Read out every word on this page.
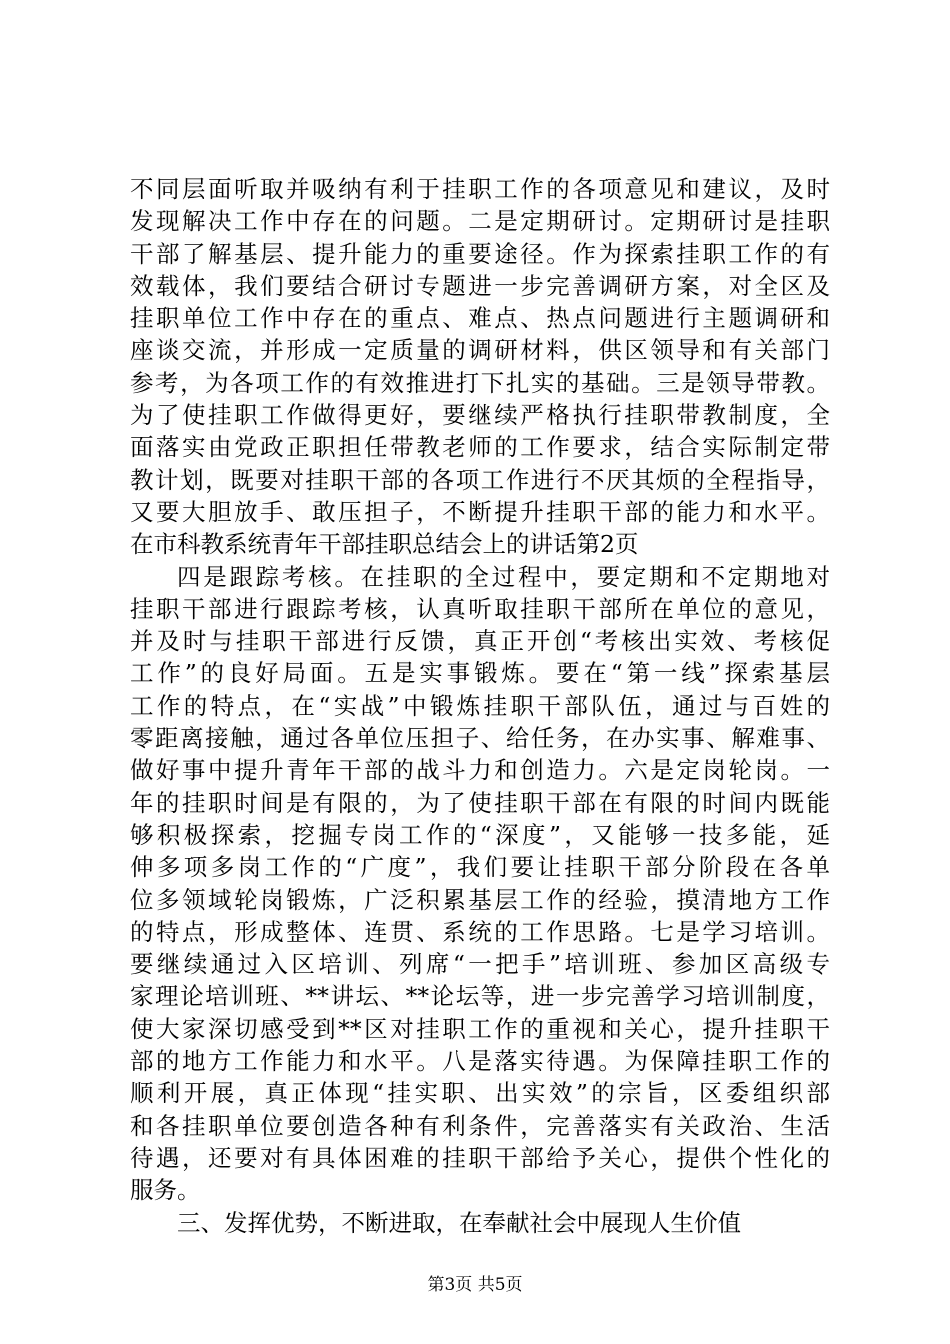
不同层面听取并吸纳有利于挂职工作的各项意见和建议，及时
发现解决工作中存在的问题。二是定期研讨。定期研讨是挂职
干部了解基层、提升能力的重要途径。作为探索挂职工作的有
效载体，我们要结合研讨专题进一步完善调研方案，对全区及
挂职单位工作中存在的重点、难点、热点问题进行主题调研和
座谈交流，并形成一定质量的调研材料，供区领导和有关部门
参考，为各项工作的有效推进打下扎实的基础。三是领导带教。
为了使挂职工作做得更好，要继续严格执行挂职带教制度，全
面落实由党政正职担任带教老师的工作要求，结合实际制定带
教计划，既要对挂职干部的各项工作进行不厌其烦的全程指导，
又要大胆放手、敢压担子，不断提升挂职干部的能力和水平。
在市科教系统青年干部挂职总结会上的讲话第2页
四是跟踪考核。在挂职的全过程中，要定期和不定期地对
挂职干部进行跟踪考核，认真听取挂职干部所在单位的意见，
并及时与挂职干部进行反馈，真正开创“考核出实效、考核促
工作”的良好局面。五是实事锻炼。要在“第一线”探索基层
工作的特点，在“实战”中锻炼挂职干部队伍，通过与百姓的
零距离接触，通过各单位压担子、给任务，在办实事、解难事、
做好事中提升青年干部的战斗力和创造力。六是定岗轮岗。一
年的挂职时间是有限的，为了使挂职干部在有限的时间内既能
够积极探索，挖掘专岗工作的“深度”，又能够一技多能，延
伸多项多岗工作的“广度”，我们要让挂职干部分阶段在各单
位多领域轮岗锻炼，广泛积累基层工作的经验，摸清地方工作
的特点，形成整体、连贯、系统的工作思路。七是学习培训。
要继续通过入区培训、列席“一把手”培训班、参加区高级专
家理论培训班、**讲坛、**论坛等，进一步完善学习培训制度，
使大家深切感受到**区对挂职工作的重视和关心，提升挂职干
部的地方工作能力和水平。八是落实待遇。为保障挂职工作的
顺利开展，真正体现“挂实职、出实效”的宗旨，区委组织部
和各挂职单位要创造各种有利条件，完善落实有关政治、生活
待遇，还要对有具体困难的挂职干部给予关心，提供个性化的
服务。
三、发挥优势，不断进取，在奉献社会中展现人生价值
第3页 共5页
